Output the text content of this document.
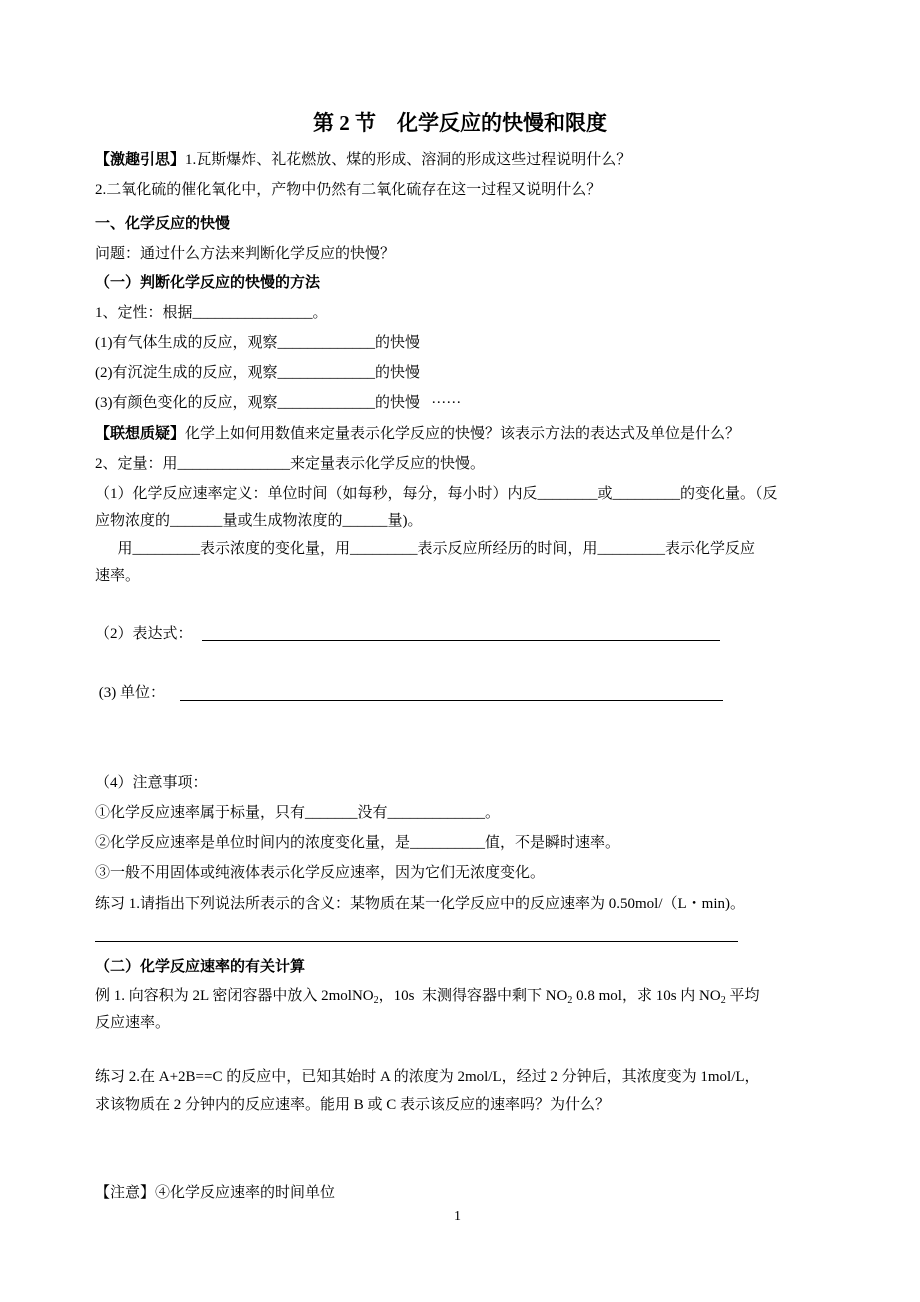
第 2 节    化学反应的快慢和限度
【激趣引思】1.瓦斯爆炸、礼花燃放、煤的形成、溶洞的形成这些过程说明什么？
2.二氧化硫的催化氧化中，产物中仍然有二氧化硫存在这一过程又说明什么？
一、化学反应的快慢
问题：通过什么方法来判断化学反应的快慢？
（一）判断化学反应的快慢的方法
1、定性：根据________________。
(1)有气体生成的反应，观察_____________的快慢
(2)有沉淀生成的反应，观察_____________的快慢
(3)有颜色变化的反应，观察_____________的快慢   ······
【联想质疑】化学上如何用数值来定量表示化学反应的快慢？该表示方法的表达式及单位是什么？
2、定量：用_______________来定量表示化学反应的快慢。
（1）化学反应速率定义：单位时间（如每秒，每分，每小时）内反________或_________的变化量。（反
应物浓度的_______量或生成物浓度的______量)。
用_________表示浓度的变化量，用_________表示反应所经历的时间，用_________表示化学反应
速率。
（2）表达式：
(3) 单位：
（4）注意事项：
①化学反应速率属于标量，只有_______没有_____________。
②化学反应速率是单位时间内的浓度变化量，是__________值，不是瞬时速率。
③一般不用固体或纯液体表示化学反应速率，因为它们无浓度变化。
练习 1.请指出下列说法所表示的含义：某物质在某一化学反应中的反应速率为 0.50mol/（L・min)。
（二）化学反应速率的有关计算
例 1. 向容积为 2L 密闭容器中放入 2molNO$_2$，10s  末测得容器中剩下 $NO_2$ 0.8 mol，求 10s 内 $NO_2$ 平均
反应速率。
练习 2.在 A+2B==C 的反应中，已知其始时 A 的浓度为 2mol/L，经过 2 分钟后，其浓度变为 1mol/L，
求该物质在 2 分钟内的反应速率。能用 B 或 C 表示该反应的速率吗？为什么？
【注意】④化学反应速率的时间单位
1
